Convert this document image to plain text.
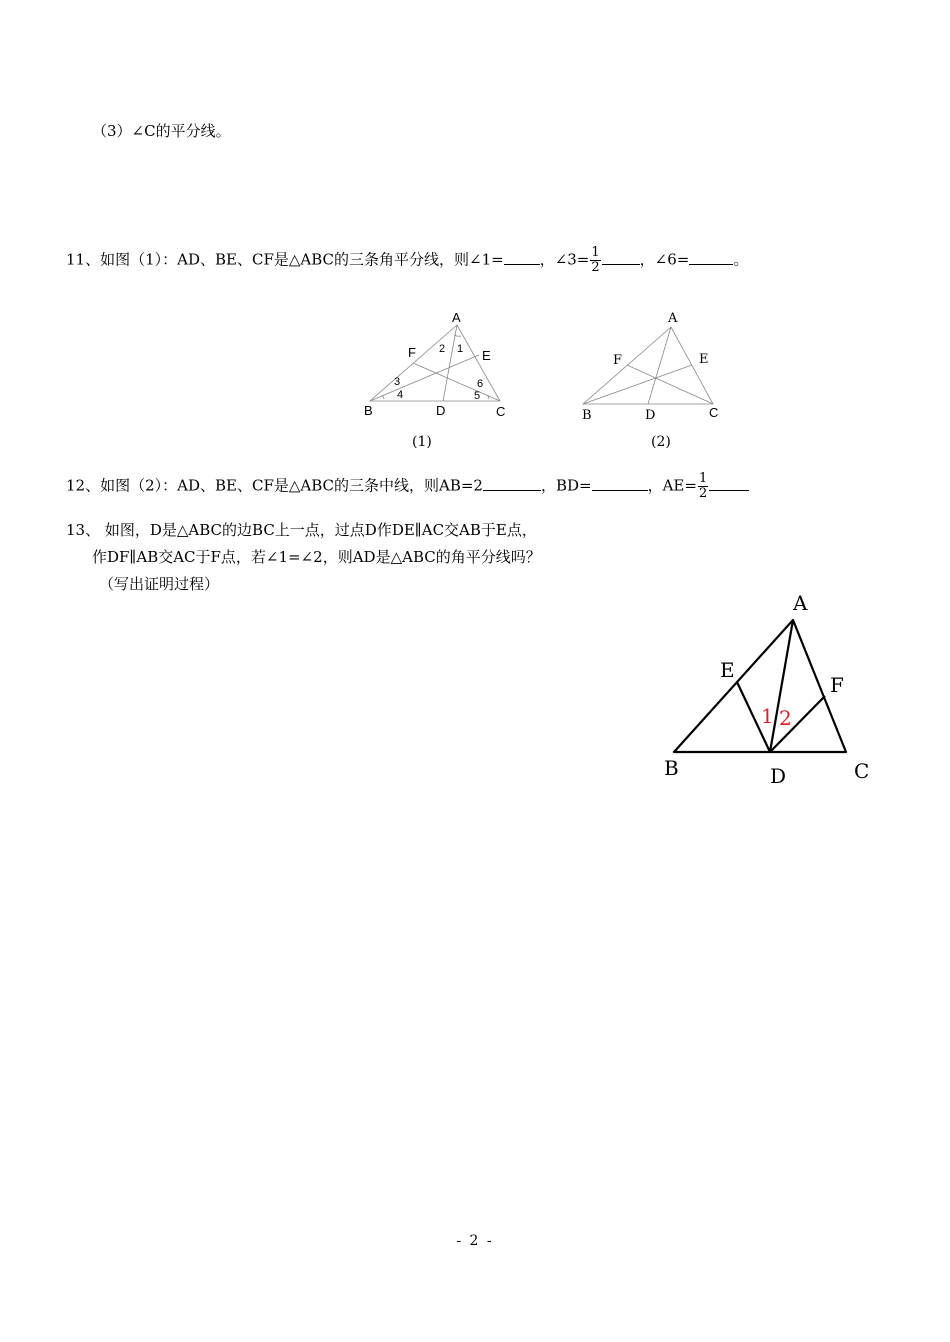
（3）∠C的平分线。
11、如图（1）：AD、BE、CF是△ABC的三条角平分线，则∠1= ，∠3= $\frac{1}{2}$	，∠6=	。
A
F	E
B	D	C
2 1
3
4
6
5
(1)
A
F	E
B	D	C
(2)
12、如图（2）：AD、BE、CF是△ABC的三条中线，则AB=2	，BD=	，$AE= \frac{1}{2}$
13、 如图，D是△ABC的边BC上一点，过点D作DE∥AC交AB于E点，
作DF∥AB交AC于F点，若∠1=∠2，则AD是△ABC的角平分线吗？
（写出证明过程）
A
E
F
B	D	C
1 2
- 2 -
